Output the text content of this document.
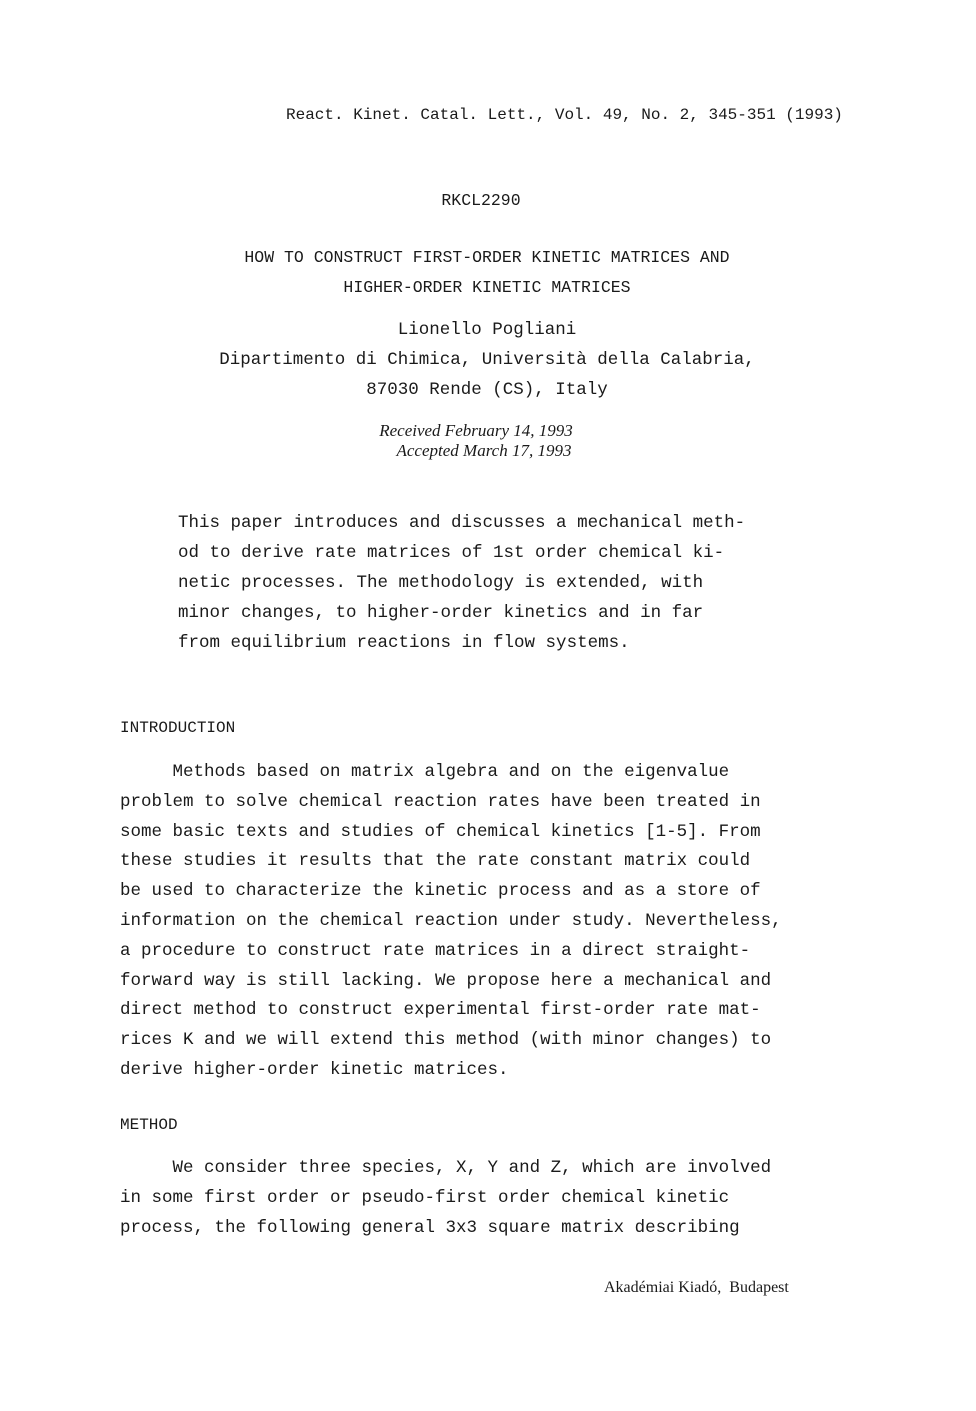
React. Kinet. Catal. Lett., Vol. 49, No. 2, 345-351 (1993)
RKCL2290
HOW TO CONSTRUCT FIRST-ORDER KINETIC MATRICES AND
HIGHER-ORDER KINETIC MATRICES
Lionello Pogliani
Dipartimento di Chimica, Università della Calabria,
87030 Rende (CS), Italy
Received February 14, 1993
Accepted March 17, 1993
This paper introduces and discusses a mechanical meth-
od to derive rate matrices of 1st order chemical ki-
netic processes. The methodology is extended, with
minor changes, to higher-order kinetics and in far
from equilibrium reactions in flow systems.
INTRODUCTION
Methods based on matrix algebra and on the eigenvalue
problem to solve chemical reaction rates have been treated in
some basic texts and studies of chemical kinetics [1-5]. From
these studies it results that the rate constant matrix could
be used to characterize the kinetic process and as a store of
information on the chemical reaction under study. Nevertheless,
a procedure to construct rate matrices in a direct straight-
forward way is still lacking. We propose here a mechanical and
direct method to construct experimental first-order rate mat-
rices K and we will extend this method (with minor changes) to
derive higher-order kinetic matrices.
METHOD
We consider three species, X, Y and Z, which are involved
in some first order or pseudo-first order chemical kinetic
process, the following general 3x3 square matrix describing
Akadémiai Kiadó,  Budapest
